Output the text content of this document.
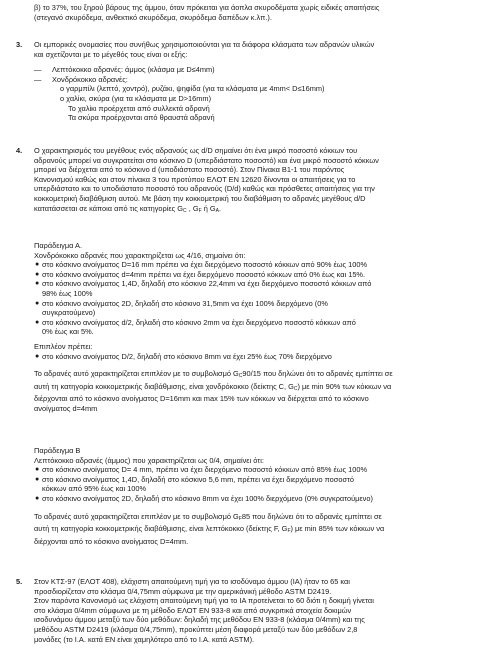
β) το 37%, του ξηρού βάρους της άμμου, όταν πρόκειται για άοπλα σκυροδέματα χωρίς ειδικές απαιτήσεις

(στεγανό σκυρόδεμα, ανθεκτικό σκυρόδεμα, σκυρόδεμα δαπέδων κ.λπ.).

3. Οι εμπορικές ονομασίες που συνήθως χρησιμοποιούνται για τα διάφορα κλάσματα των αδρανών υλικών

και σχετίζονται με το μέγεθός τους είναι οι εξής:

— Λεπτόκοκκο αδρανές: άμμος (κλάσμα με D≤4mm)

— Χονδρόκοκκο αδρανές:

ο γαρμπίλι (λεπτό, χοντρό), ρυζάκι, ψηφίδα (για τα κλάσματα με 4mm< D≤16mm)

ο χαλίκι, σκύρα (για τα κλάσματα με D>16mm)

Το χαλίκι προέρχεται από συλλεκτά αδρανή

Τα σκύρα προέρχονται από θραυστά αδρανή

4. Ο χαρακτηρισμός του μεγέθους ενός αδρανούς ως d/D σημαίνει ότι ένα μικρό ποσοστό κόκκων του

αδρανούς μπορεί να συγκρατείται στο κόσκινο D (υπερδιάστατο ποσοστό) και ένα μικρό ποσοστό κόκκων

μπορεί να διέρχεται από το κόσκινο d (υποδιάστατο ποσοστό). Στον Πίνακα Β1-1 του παρόντος

Κανονισμού καθώς και στον πίνακα 3 του προτύπου ΕΛΟΤ ΕΝ 12620 δίνονται οι απαιτήσεις για το

υπερδιάστατο και το υποδιάστατο ποσοστό του αδρανούς (D/d) καθώς και πρόσθετες απαιτήσεις για την

κοκκομετρική διαβάθμιση αυτού. Με βάση την κοκκομετρική του διαβάθμιση το αδρανές μεγέθους d/D

κατατάσσεται σε κάποια από τις κατηγορίες GC , GF ή GA.

Παράδειγμα Α.

Χονδρόκοκκο αδρανές που χαρακτηρίζεται ως 4/16, σημαίνει ότι:

● στο κόσκινο ανοίγματος D=16 mm πρέπει να έχει διερχόμενο ποσοστό κόκκων από 90% έως 100%
● στο κόσκινο ανοίγματος d=4mm πρέπει να έχει διερχόμενο ποσοστό κόκκων από 0% έως και 15%.
● στο κόσκινο ανοίγματος 1,4D, δηλαδή στο κόσκινο 22,4mm να έχει διερχόμενο ποσοστό κόκκων από
98% έως 100%
● στο κόσκινο ανοίγματος 2D, δηλαδή στο κόσκινο 31,5mm να έχει 100% διερχόμενο (0%
συγκρατούμενο)
● στο κόσκινο ανοίγματος d/2, δηλαδή στο κόσκινο 2mm να έχει διερχόμενο ποσοστό κόκκων από
0% έως και 5%.

Επιπλέον πρέπει:

● στο κόσκινο ανοίγματος D/2, δηλαδή στο κόσκινο 8mm να έχει 25% έως 70% διερχόμενο

Το αδρανές αυτό χαρακτηρίζεται επιπλέον με το συμβολισμό GC90/15 που δηλώνει ότι το αδρανές εμπίπτει σε

αυτή τη κατηγορία κοκκομετρικής διαβάθμισης, είναι χονδρόκοκκο (δείκτης C, GC) με min 90% των κόκκων να

διέρχονται από το κόσκινο ανοίγματος D=16mm και max 15% των κόκκων να διέρχεται από το κόσκινο

ανοίγματος d=4mm

Παράδειγμα Β

Λεπτόκοκκο αδρανές (άμμος) που χαρακτηρίζεται ως 0/4, σημαίνει ότι:

● στο κόσκινο ανοίγματος D= 4 mm, πρέπει να έχει διερχόμενο ποσοστό κόκκων από 85% έως 100%
● στο κόσκινο ανοίγματος 1,4D, δηλαδή στο κόσκινο 5,6 mm, πρέπει να έχει διερχόμενο ποσοστό
κόκκων από 95% έως και 100%
● στο κόσκινο ανοίγματος 2D, δηλαδή στο κόσκινο 8mm να έχει 100% διερχόμενο (0% συγκρατούμενο)

Το αδρανές αυτό χαρακτηρίζεται επιπλέον με το συμβολισμό GF85 που δηλώνει ότι το αδρανές εμπίπτει σε

αυτή τη κατηγορία κοκκομετρικής διαβάθμισης, είναι λεπτόκοκκο (δείκτης F, GF) με min 85% των κόκκων να

διέρχονται από το κόσκινο ανοίγματος D=4mm.

5. Στον ΚΤΣ-97 (ΕΛΟΤ 408), ελάχιστη απαιτούμενη τιμή για το ισοδύναμο άμμου (ΙΑ) ήταν το 65 και

προσδιορίζεταν στο κλάσμα 0/4,75mm σύμφωνα με την αμερικάνική μέθοδο ASTM D2419.

Στον παρόντα Κανονισμό ως ελάχιστη απαιτούμενη τιμή για το ΙΑ προτείνεται το 60 διότι η δοκιμή γίνεται

στο κλάσμα 0/4mm σύμφωνα με τη μέθοδο ΕΛΟΤ ΕΝ 933-8 και από συγκριτικά στοιχεία δοκιμών

ισοδυνάμου άμμου μεταξύ των δύο μεθόδων: δηλαδή της μεθόδου ΕΝ 933-8 (κλάσμα 0/4mm) και της

μεθόδου ASTM D2419 (κλάσμα 0/4,75mm), προκύπτει μέση διαφορά μεταξύ των δύο μεθόδων 2,8

μονάδες (το Ι.Α. κατά ΕΝ είναι χαμηλότερο από το Ι.Α. κατά ASTM).
